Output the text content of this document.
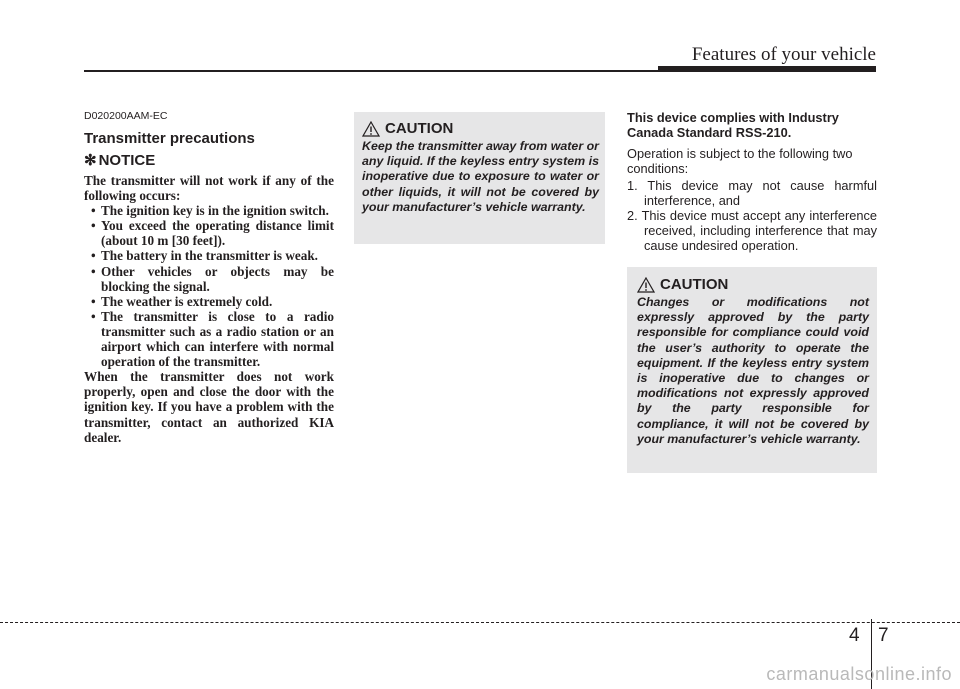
Features of your vehicle
D020200AAM-EC
Transmitter precautions
✻ NOTICE
The transmitter will not work if any of the following occurs:
• The ignition key is in the ignition switch.
• You exceed the operating distance limit (about 10 m [30 feet]).
• The battery in the transmitter is weak.
• Other vehicles or objects may be blocking the signal.
• The weather is extremely cold.
• The transmitter is close to a radio transmitter such as a radio station or an airport which can interfere with normal operation of the transmitter.
When the transmitter does not work properly, open and close the door with the ignition key. If you have a problem with the transmitter, contact an authorized KIA dealer.
CAUTION
Keep the transmitter away from water or any liquid. If the keyless entry system is inoperative due to exposure to water or other liquids, it will not be covered by your manufacturer’s vehicle warranty.
This device complies with Industry Canada Standard RSS-210.
Operation is subject to the following two conditions:
1. This device may not cause harmful interference, and
2. This device must accept any interference received, including interference that may cause undesired operation.
CAUTION
Changes or modifications not expressly approved by the party responsible for compliance could void the user’s authority to operate the equipment. If the keyless entry system is inoperative due to changes or modifications not expressly approved by the party responsible for compliance, it will not be covered by your manufacturer’s vehicle warranty.
4 7
carmanualsonline.info
